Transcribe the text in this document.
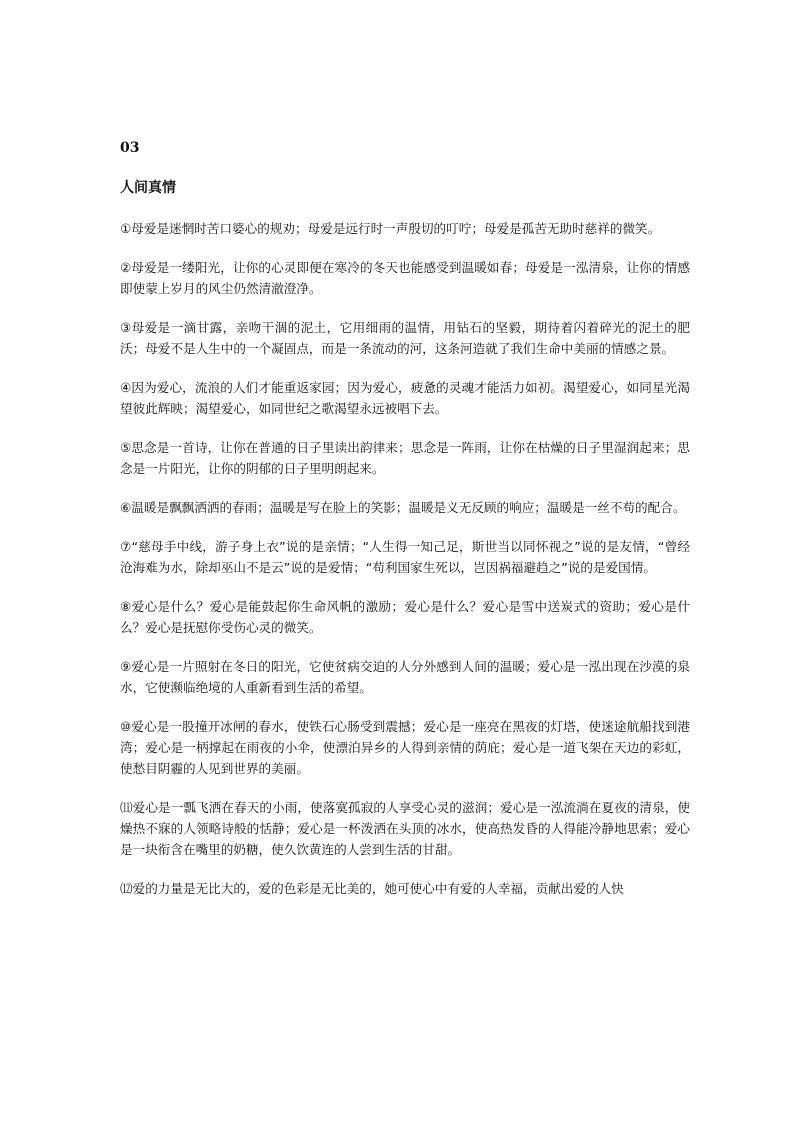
03
人间真情

①母爱是迷惘时苦口婆心的规劝；母爱是远行时一声殷切的叮咛；母爱是孤苦无助时慈祥的微笑。

②母爱是一缕阳光，让你的心灵即便在寒冷的冬天也能感受到温暖如春；母爱是一泓清泉，让你的情感即使蒙上岁月的风尘仍然清澈澄净。

③母爱是一滴甘露，亲吻干涸的泥土，它用细雨的温情，用钻石的坚毅，期待着闪着碎光的泥土的肥沃；母爱不是人生中的一个凝固点，而是一条流动的河，这条河造就了我们生命中美丽的情感之景。

④因为爱心，流浪的人们才能重返家园；因为爱心，疲惫的灵魂才能活力如初。渴望爱心，如同星光渴望彼此辉映；渴望爱心，如同世纪之歌渴望永远被唱下去。

⑤思念是一首诗，让你在普通的日子里读出韵律来；思念是一阵雨，让你在枯燥的日子里湿润起来；思念是一片阳光，让你的阴郁的日子里明朗起来。

⑥温暖是飘飘洒洒的春雨；温暖是写在脸上的笑影；温暖是义无反顾的响应；温暖是一丝不苟的配合。

⑦“慈母手中线，游子身上衣”说的是亲情；“人生得一知己足，斯世当以同怀视之”说的是友情，“曾经沧海难为水，除却巫山不是云”说的是爱情；“苟利国家生死以，岂因祸福避趋之”说的是爱国情。

⑧爱心是什么？爱心是能鼓起你生命风帆的激励；爱心是什么？爱心是雪中送炭式的资助；爱心是什么？爱心是抚慰你受伤心灵的微笑。

⑨爱心是一片照射在冬日的阳光，它使贫病交迫的人分外感到人间的温暖；爱心是一泓出现在沙漠的泉水，它使濒临绝境的人重新看到生活的希望。

⑩爱心是一股撞开冰闸的春水，使铁石心肠受到震撼；爱心是一座亮在黑夜的灯塔，使迷途航船找到港湾；爱心是一柄撑起在雨夜的小伞，使漂泊异乡的人得到亲情的荫庇；爱心是一道飞架在天边的彩虹，使愁目阴霾的人见到世界的美丽。

⑾爱心是一瓢飞洒在春天的小雨，使落寞孤寂的人享受心灵的滋润；爱心是一泓流淌在夏夜的清泉，使燥热不寐的人领略诗般的恬静；爱心是一杯泼洒在头顶的冰水，使高热发昏的人得能冷静地思索；爱心是一块衔含在嘴里的奶糖，使久饮黄连的人尝到生活的甘甜。

⑿爱的力量是无比大的，爱的色彩是无比美的，她可使心中有爱的人幸福，贡献出爱的人快
